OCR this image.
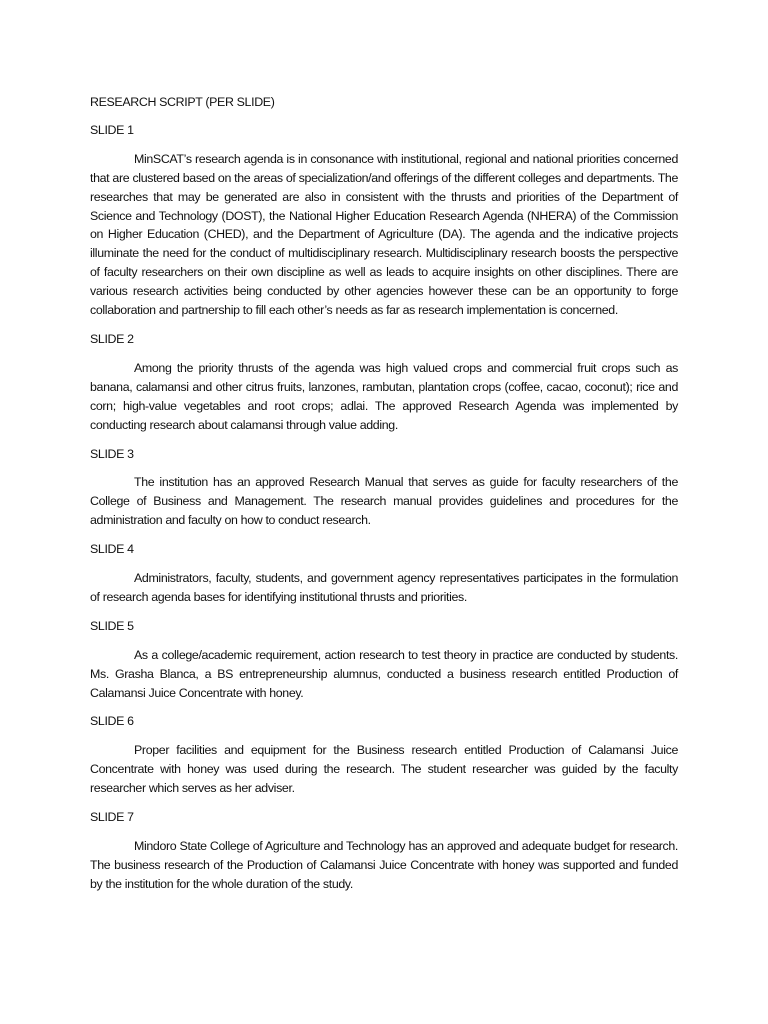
RESEARCH SCRIPT (PER SLIDE)

SLIDE 1

MinSCAT’s research agenda is in consonance with institutional, regional and national priorities concerned that are clustered based on the areas of specialization/and offerings of the different colleges and departments. The researches that may be generated are also in consistent with the thrusts and priorities of the Department of Science and Technology (DOST), the National Higher Education Research Agenda (NHERA) of the Commission on Higher Education (CHED), and the Department of Agriculture (DA). The agenda and the indicative projects illuminate the need for the conduct of multidisciplinary research. Multidisciplinary research boosts the perspective of faculty researchers on their own discipline as well as leads to acquire insights on other disciplines. There are various research activities being conducted by other agencies however these can be an opportunity to forge collaboration and partnership to fill each other’s needs as far as research implementation is concerned.

SLIDE 2

Among the priority thrusts of the agenda was high valued crops and commercial fruit crops such as banana, calamansi and other citrus fruits, lanzones, rambutan, plantation crops (coffee, cacao, coconut); rice and corn; high-value vegetables and root crops; adlai. The approved Research Agenda was implemented by conducting research about calamansi through value adding.

SLIDE 3

The institution has an approved Research Manual that serves as guide for faculty researchers of the College of Business and Management. The research manual provides guidelines and procedures for the administration and faculty on how to conduct research.

SLIDE 4

Administrators, faculty, students, and government agency representatives participates in the formulation of research agenda bases for identifying institutional thrusts and priorities.

SLIDE 5

As a college/academic requirement, action research to test theory in practice are conducted by students. Ms. Grasha Blanca, a BS entrepreneurship alumnus, conducted a business research entitled Production of Calamansi Juice Concentrate with honey.

SLIDE 6

Proper facilities and equipment for the Business research entitled Production of Calamansi Juice Concentrate with honey was used during the research. The student researcher was guided by the faculty researcher which serves as her adviser.

SLIDE 7

Mindoro State College of Agriculture and Technology has an approved and adequate budget for research. The business research of the Production of Calamansi Juice Concentrate with honey was supported and funded by the institution for the whole duration of the study.
